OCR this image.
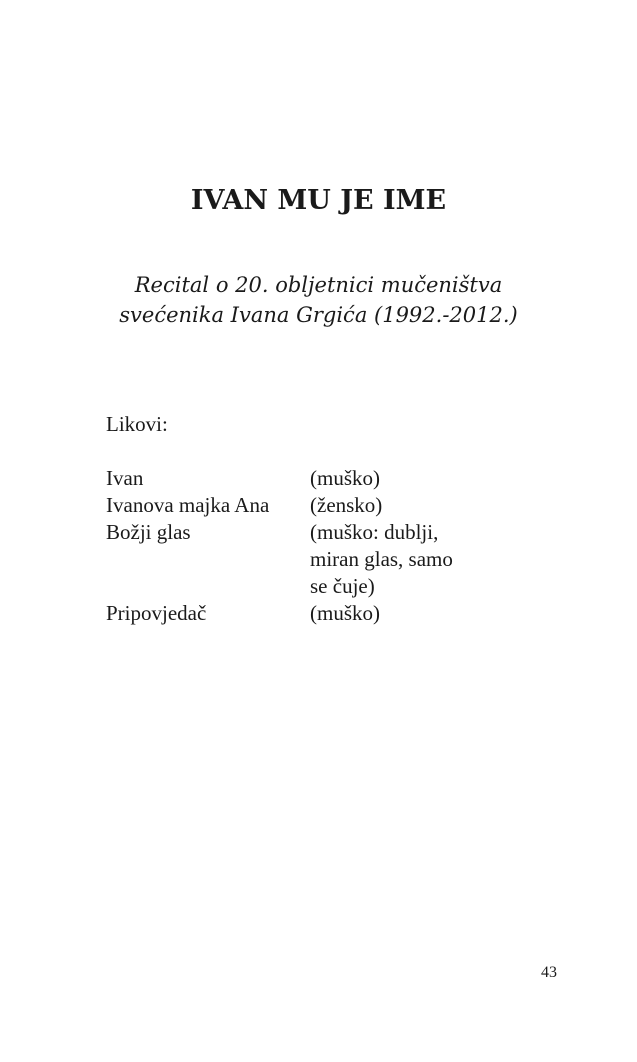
IVAN MU JE IME
Recital o 20. obljetnici mučeništva
svećenika Ivana Grgića (1992.-2012.)
Likovi:
Ivan	(muško)
Ivanova majka Ana	(žensko)
Božji glas	(muško: dublji,
miran glas, samo
se čuje)
Pripovjedač	(muško)
43
